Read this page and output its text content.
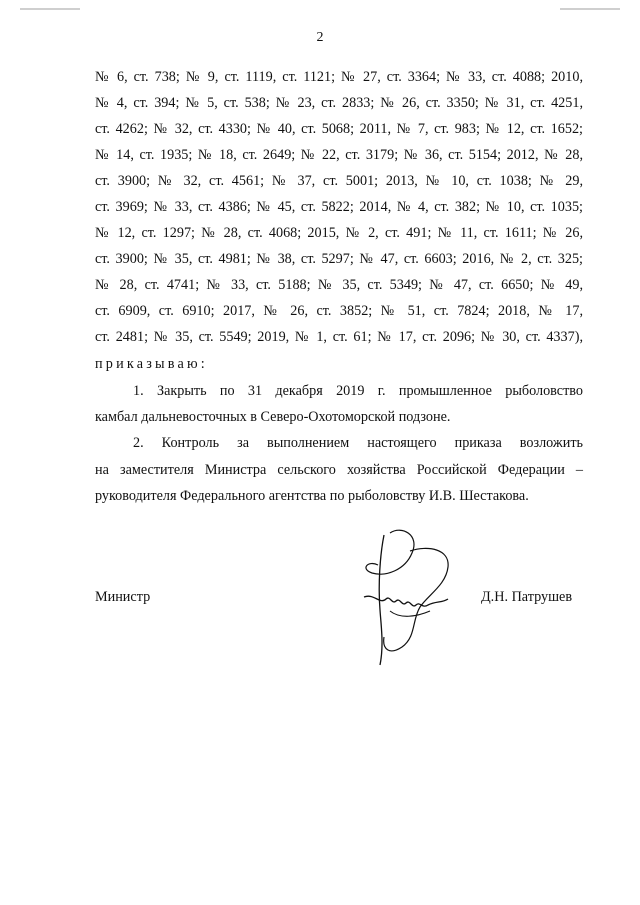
2
№ 6, ст. 738; № 9, ст. 1119, ст. 1121; № 27, ст. 3364; № 33, ст. 4088; 2010,
№ 4, ст. 394; № 5, ст. 538; № 23, ст. 2833; № 26, ст. 3350; № 31, ст. 4251,
ст. 4262; № 32, ст. 4330; № 40, ст. 5068; 2011, № 7, ст. 983; № 12, ст. 1652;
№ 14, ст. 1935; № 18, ст. 2649; № 22, ст. 3179; № 36, ст. 5154; 2012, № 28,
ст. 3900; № 32, ст. 4561; № 37, ст. 5001; 2013, № 10, ст. 1038; № 29,
ст. 3969; № 33, ст. 4386; № 45, ст. 5822; 2014, № 4, ст. 382; № 10, ст. 1035;
№ 12, ст. 1297; № 28, ст. 4068; 2015, № 2, ст. 491; № 11, ст. 1611; № 26,
ст. 3900; № 35, ст. 4981; № 38, ст. 5297; № 47, ст. 6603; 2016, № 2, ст. 325;
№ 28, ст. 4741; № 33, ст. 5188; № 35, ст. 5349; № 47, ст. 6650; № 49,
ст. 6909, ст. 6910; 2017, № 26, ст. 3852; № 51, ст. 7824; 2018, № 17,
ст. 2481; № 35, ст. 5549; 2019, № 1, ст. 61; № 17, ст. 2096; № 30, ст. 4337),
приказываю:
1. Закрыть по 31 декабря 2019 г. промышленное рыболовство
камбал дальневосточных в Северо-Охотоморской подзоне.
2. Контроль за выполнением настоящего приказа возложить
на заместителя Министра сельского хозяйства Российской Федерации –
руководителя Федерального агентства по рыболовству И.В. Шестакова.
Министр	Д.Н. Патрушев
